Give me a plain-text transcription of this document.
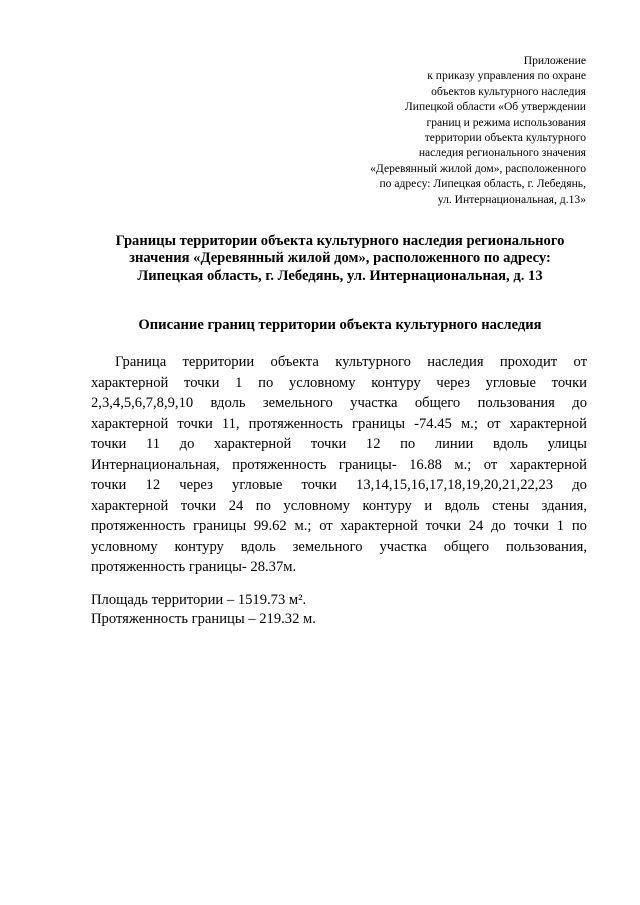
Приложение
к приказу управления по охране
объектов культурного наследия
Липецкой области «Об утверждении
границ и режима использования
территории объекта культурного
наследия регионального значения
«Деревянный жилой дом», расположенного
по адресу: Липецкая область, г. Лебедянь,
ул. Интернациональная, д.13»
Границы территории объекта культурного наследия регионального
значения «Деревянный жилой дом», расположенного по адресу:
Липецкая область, г. Лебедянь, ул. Интернациональная, д. 13
Описание границ территории объекта культурного наследия
Граница территории объекта культурного наследия проходит от
характерной точки 1 по условному контуру через угловые точки
2,3,4,5,6,7,8,9,10 вдоль земельного участка общего пользования до
характерной точки 11, протяженность границы -74.45 м.; от характерной
точки 11 до характерной точки 12 по линии вдоль улицы
Интернациональная, протяженность границы- 16.88 м.; от характерной
точки 12 через угловые точки 13,14,15,16,17,18,19,20,21,22,23 до
характерной точки 24 по условному контуру и вдоль стены здания,
протяженность границы 99.62 м.; от характерной точки 24 до точки 1 по
условному контуру вдоль земельного участка общего пользования,
протяженность границы- 28.37м.
Площадь территории – 1519.73 м².
Протяженность границы – 219.32 м.
